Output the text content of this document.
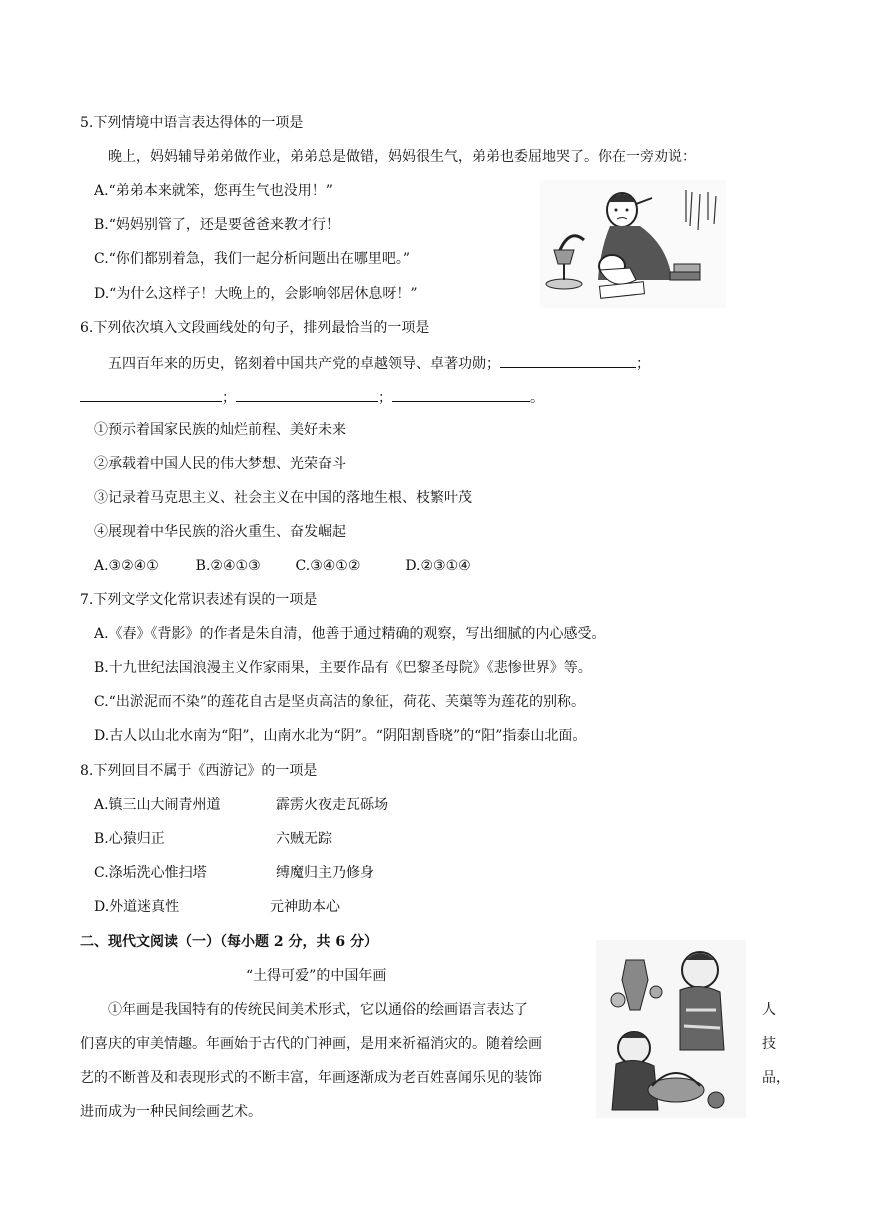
5.下列情境中语言表达得体的一项是
晚上，妈妈辅导弟弟做作业，弟弟总是做错，妈妈很生气，弟弟也委屈地哭了。你在一旁劝说：
A.“弟弟本来就笨，您再生气也没用！”
B.“妈妈别管了，还是要爸爸来教才行！
C.“你们都别着急，我们一起分析问题出在哪里吧。”
D.“为什么这样子！大晚上的，会影响邻居休息呀！”
6.下列依次填入文段画线处的句子，排列最恰当的一项是
五四百年来的历史，铭刻着中国共产党的卓越领导、卓著功勋；	；
；	；	。
①预示着国家民族的灿烂前程、美好未来
②承载着中国人民的伟大梦想、光荣奋斗
③记录着马克思主义、社会主义在中国的落地生根、枝繁叶茂
④展现着中华民族的浴火重生、奋发崛起
A.③②④①	B.②④①③ C.③④①②	D.②③①④
7.下列文学文化常识表述有误的一项是
A.《春》《背影》的作者是朱自清，他善于通过精确的观察，写出细腻的内心感受。
B.十九世纪法国浪漫主义作家雨果，主要作品有《巴黎圣母院》《悲惨世界》等。
C.“出淤泥而不染”的莲花自古是坚贞高洁的象征，荷花、芙蕖等为莲花的别称。
D.古人以山北水南为“阳”，山南水北为“阴”。“阴阳割昏晓”的“阳”指泰山北面。
8.下列回目不属于《西游记》的一项是
A.镇三山大闹青州道	霹雳火夜走瓦砾场
B.心猿归正	六贼无踪
C.涤垢洗心惟扫塔	缚魔归主乃修身
D.外道迷真性	元神助本心
二、现代文阅读（一）（每小题 2 分，共 6 分）
“土得可爱”的中国年画
①年画是我国特有的传统民间美术形式，它以通俗的绘画语言表达了	人
们喜庆的审美情趣。年画始于古代的门神画，是用来祈福消灾的。随着绘画	技
艺的不断普及和表现形式的不断丰富，年画逐渐成为老百姓喜闻乐见的装饰	品，
进而成为一种民间绘画艺术。
